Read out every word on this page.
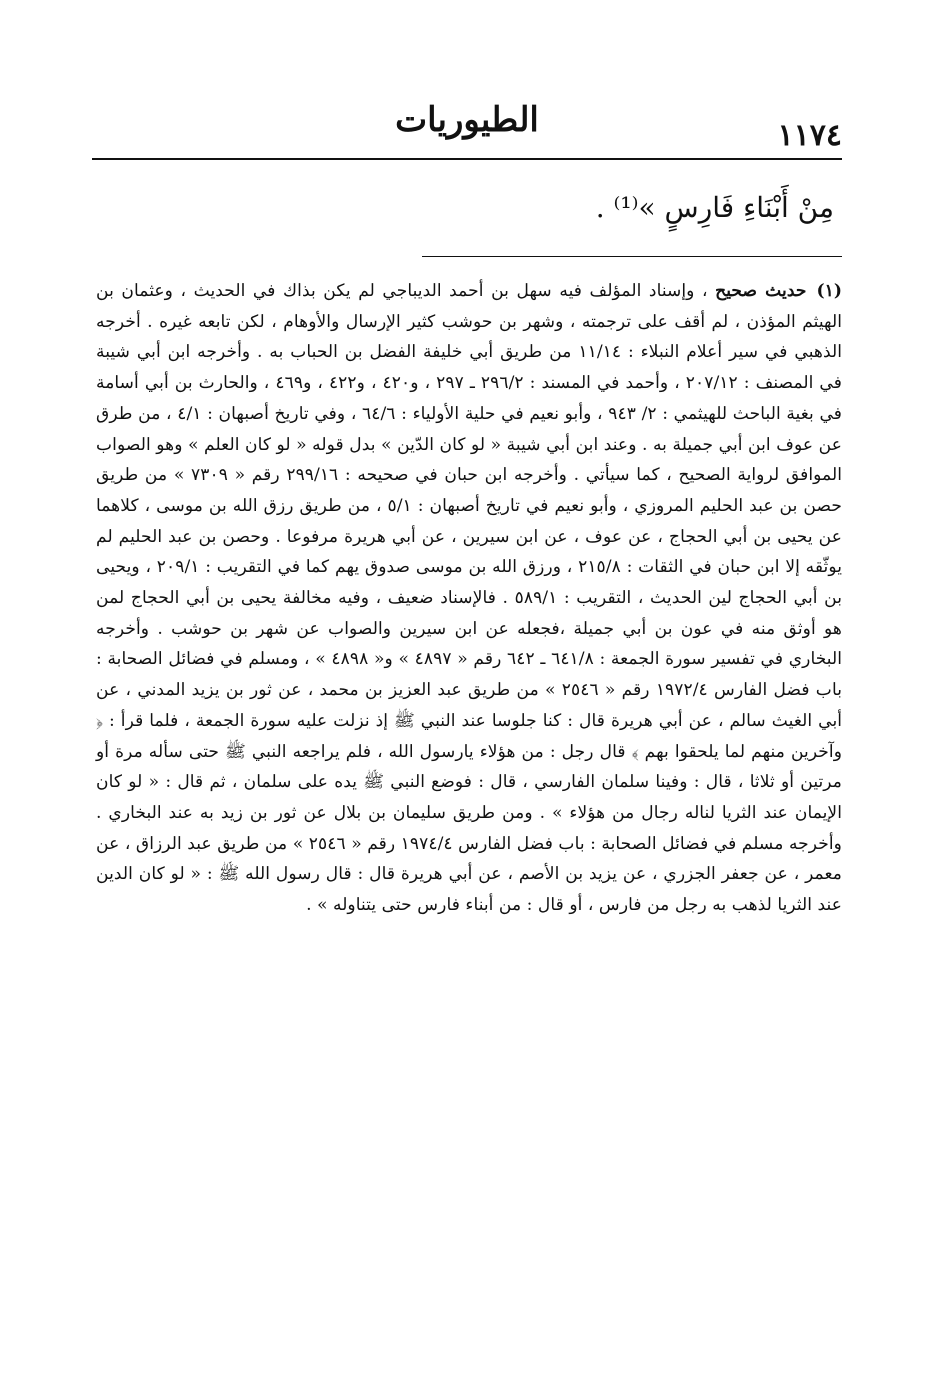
الطيوريات	١١٧٤
مِنْ أَبْنَاءِ فَارِسٍ »⁽¹⁾ .
(١)حديث صحيح ، وإسناد المؤلف فيه سهل بن أحمد الديباجي لم يكن بذاك في الحديث ، وعثمان بن الهيثم المؤذن ، لم أقف على ترجمته ، وشهر بن حوشب كثير الإرسال والأوهام ، لكن تابعه غيره . أخرجه الذهبي في سير أعلام النبلاء : ١١/١٤ من طريق أبي خليفة الفضل بن الحباب به . وأخرجه ابن أبي شيبة في المصنف : ٢٠٧/١٢ ، وأحمد في المسند : ٢٩٦/٢ ـ ٢٩٧ ، و٤٢٠ ، و٤٢٢ ، و٤٦٩ ، والحارث بن أبي أسامة في بغية الباحث للهيثمي : ٢/ ٩٤٣ ، وأبو نعيم في حلية الأولياء : ٦٤/٦ ، وفي تاريخ أصبهان : ٤/١ ، من طرق عن عوف ابن أبي جميلة به . وعند ابن أبي شيبة « لو كان الدّين » بدل قوله « لو كان العلم » وهو الصواب الموافق لرواية الصحيح ، كما سيأتي . وأخرجه ابن حبان في صحيحه : ٢٩٩/١٦ رقم « ٧٣٠٩ » من طريق حصن بن عبد الحليم المروزي ، وأبو نعيم في تاريخ أصبهان : ٥/١ ، من طريق رزق الله بن موسى ، كلاهما عن يحيى بن أبي الحجاج ، عن عوف ، عن ابن سيرين ، عن أبي هريرة مرفوعا . وحصن بن عبد الحليم لم يوثّقه إلا ابن حبان في الثقات : ٢١٥/٨ ، ورزق الله بن موسى صدوق يهم كما في التقريب : ٢٠٩/١ ، ويحيى بن أبي الحجاج لين الحديث ، التقريب : ٥٨٩/١ . فالإسناد ضعيف ، وفيه مخالفة يحيى بن أبي الحجاج لمن هو أوثق منه في عون بن أبي جميلة ،فجعله عن ابن سيرين والصواب عن شهر بن حوشب . وأخرجه البخاري في تفسير سورة الجمعة : ٦٤١/٨ ـ ٦٤٢ رقم « ٤٨٩٧ » و« ٤٨٩٨ » ، ومسلم في فضائل الصحابة : باب فضل الفارس ١٩٧٢/٤ رقم « ٢٥٤٦ » من طريق عبد العزيز بن محمد ، عن ثور بن يزيد المدني ، عن أبي الغيث سالم ، عن أبي هريرة قال : كنا جلوسا عند النبي ﷺ إذ نزلت عليه سورة الجمعة ، فلما قرأ : ﴿ وآخرين منهم لما يلحقوا بهم ﴾ قال رجل : من هؤلاء يارسول الله ، فلم يراجعه النبي ﷺ حتى سأله مرة أو مرتين أو ثلاثا ، قال : وفينا سلمان الفارسي ، قال : فوضع النبي ﷺ يده على سلمان ، ثم قال : « لو كان الإيمان عند الثريا لناله رجال من هؤلاء » . ومن طريق سليمان بن بلال عن ثور بن زيد به عند البخاري . وأخرجه مسلم في فضائل الصحابة : باب فضل الفارس ١٩٧٤/٤ رقم « ٢٥٤٦ » من طريق عبد الرزاق ، عن معمر ، عن جعفر الجزري ، عن يزيد بن الأصم ، عن أبي هريرة قال : قال رسول الله ﷺ : « لو كان الدين عند الثريا لذهب به رجل من فارس ، أو قال : من أبناء فارس حتى يتناوله » .
